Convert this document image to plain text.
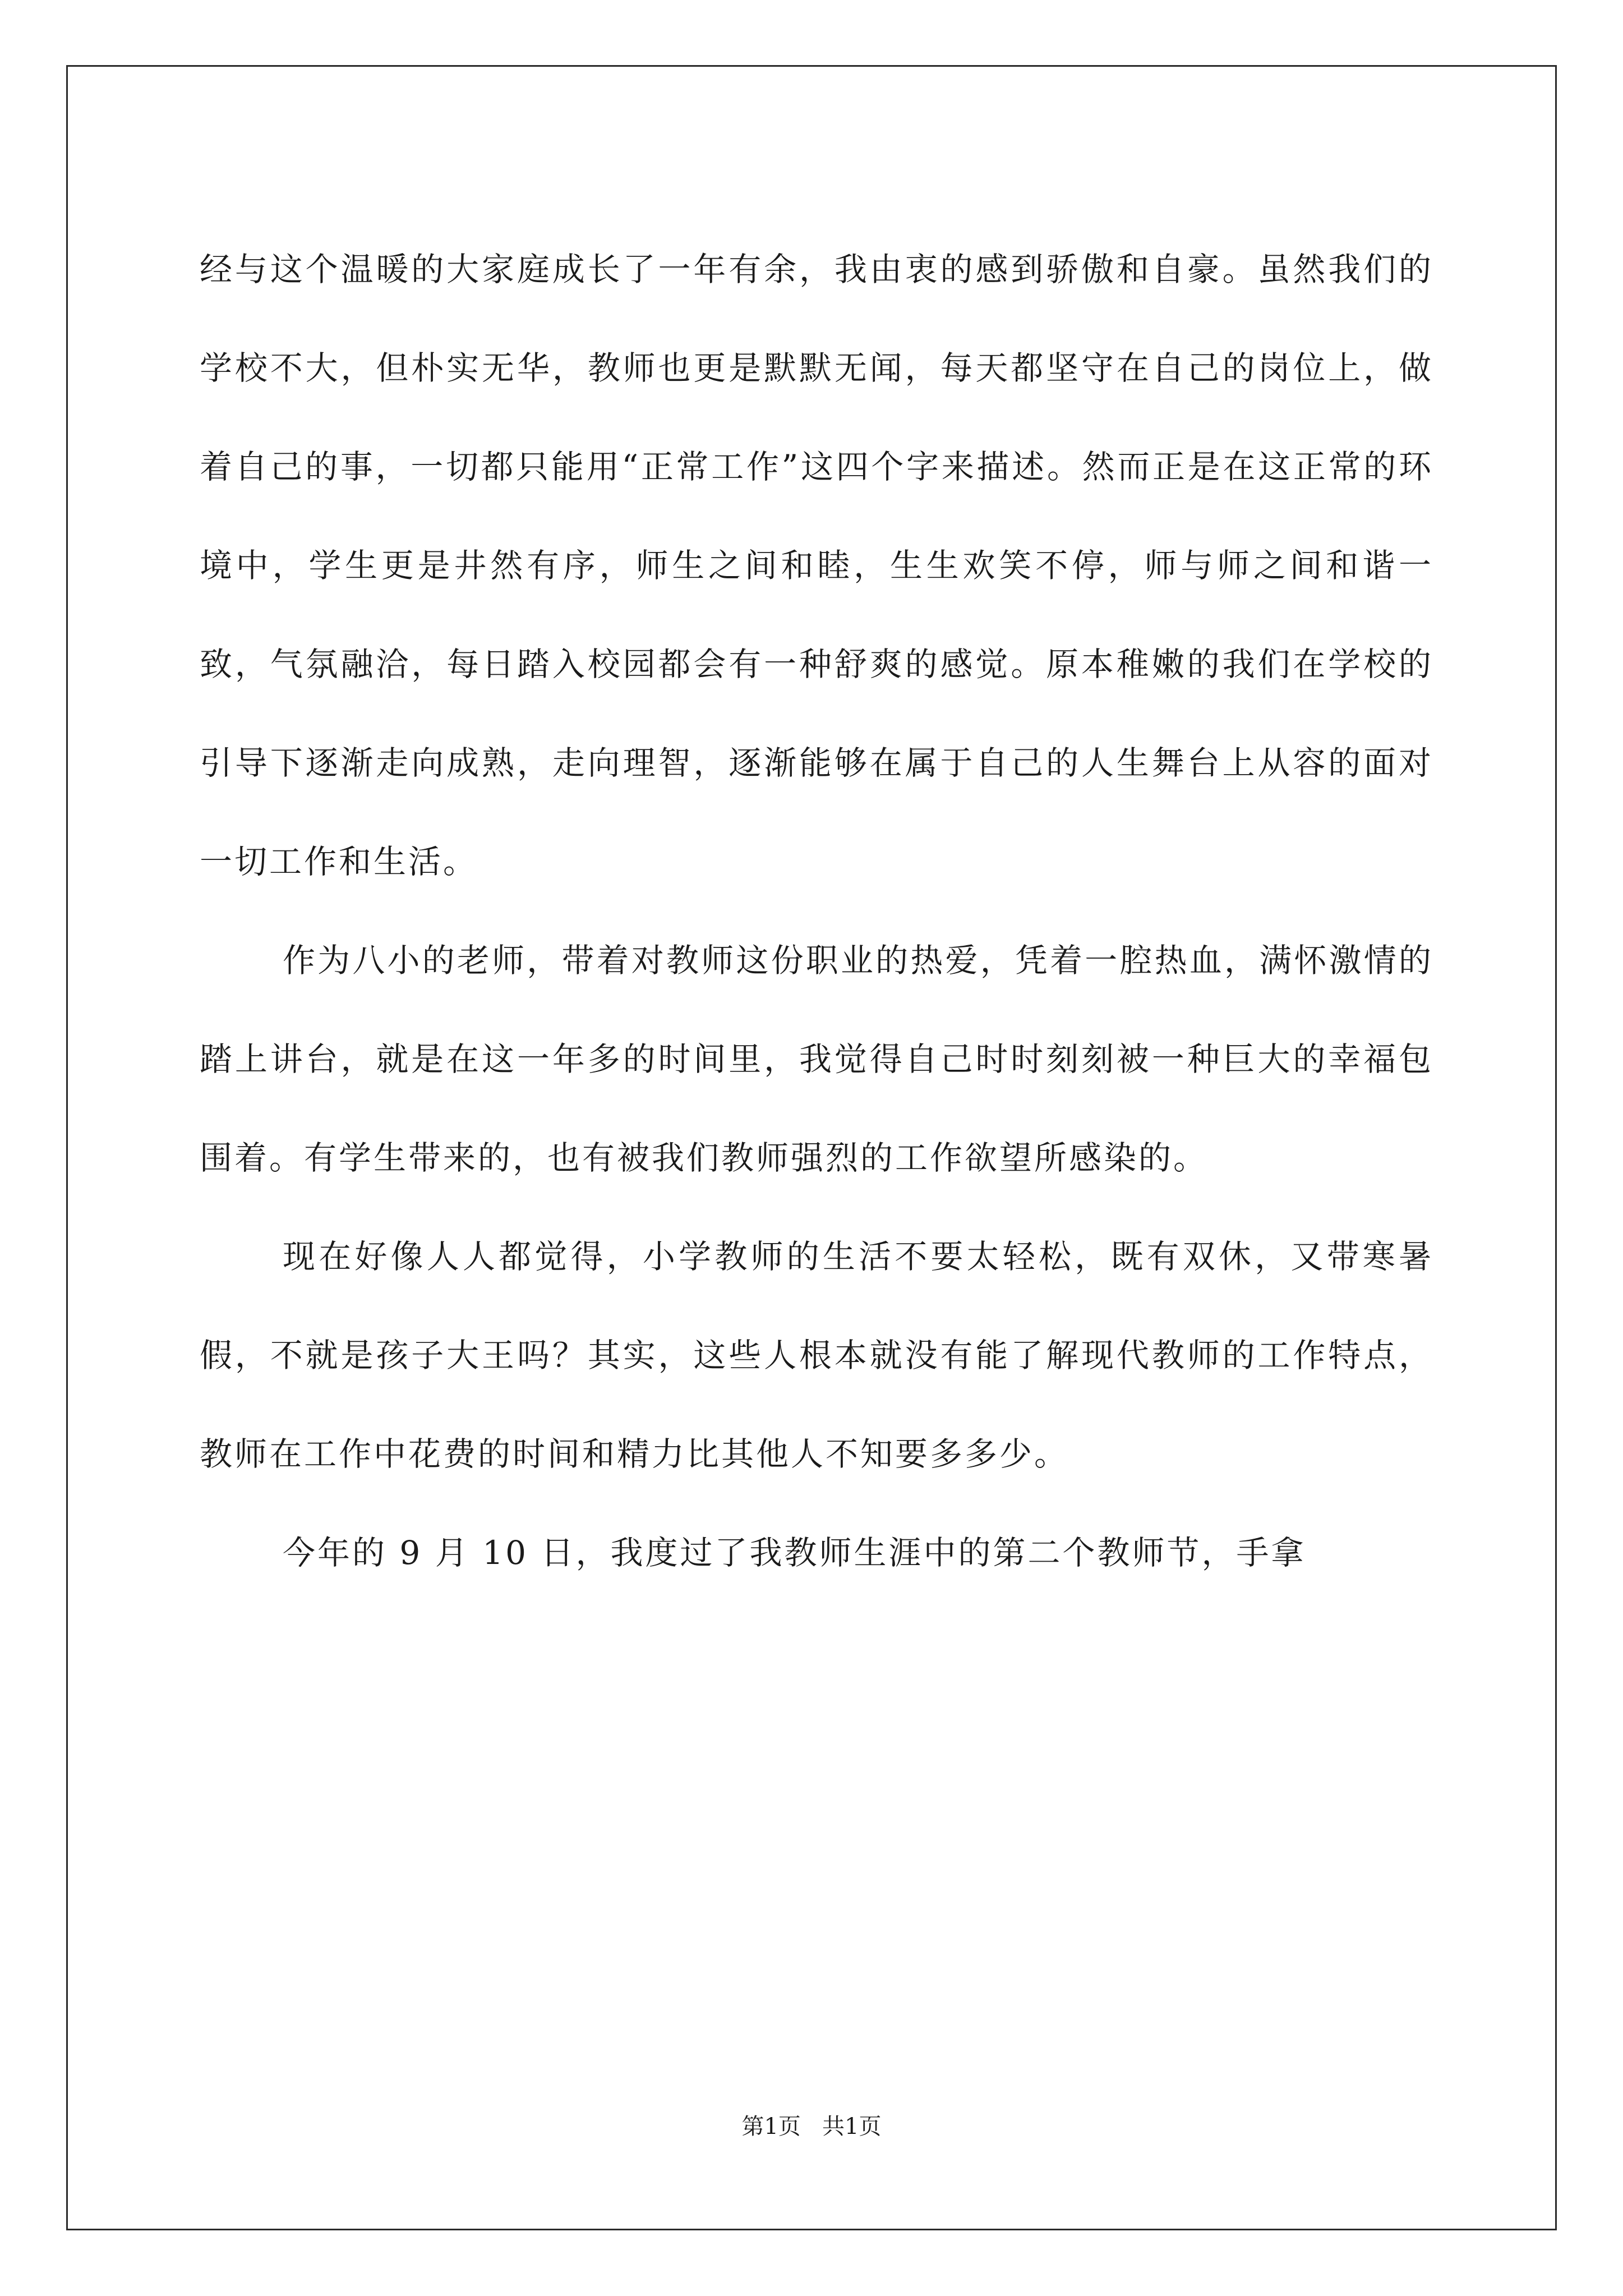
经与这个温暖的大家庭成长了一年有余，我由衷的感到骄傲和自豪。虽然我们的学校不大，但朴实无华，教师也更是默默无闻，每天都坚守在自己的岗位上，做着自己的事，一切都只能用“正常工作”这四个字来描述。然而正是在这正常的环境中，学生更是井然有序，师生之间和睦，生生欢笑不停，师与师之间和谐一致，气氛融洽，每日踏入校园都会有一种舒爽的感觉。原本稚嫩的我们在学校的引导下逐渐走向成熟，走向理智，逐渐能够在属于自己的人生舞台上从容的面对一切工作和生活。

作为八小的老师，带着对教师这份职业的热爱，凭着一腔热血，满怀激情的踏上讲台，就是在这一年多的时间里，我觉得自己时时刻刻被一种巨大的幸福包围着。有学生带来的，也有被我们教师强烈的工作欲望所感染的。

现在好像人人都觉得，小学教师的生活不要太轻松，既有双休，又带寒暑假，不就是孩子大王吗？其实，这些人根本就没有能了解现代教师的工作特点，教师在工作中花费的时间和精力比其他人不知要多多少。

今年的 9 月 10 日，我度过了我教师生涯中的第二个教师节，手拿

第1页   共1页
